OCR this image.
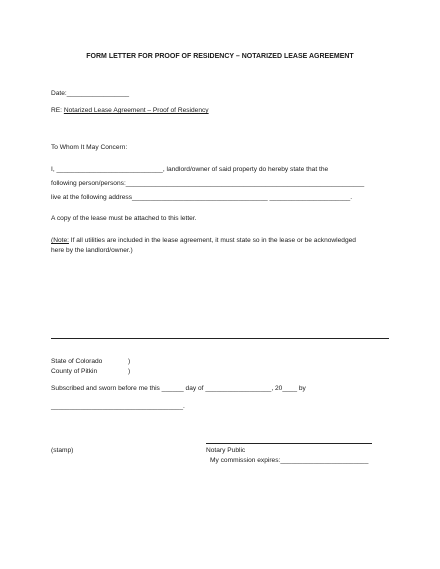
FORM LETTER FOR PROOF OF RESIDENCY – NOTARIZED LEASE AGREEMENT
Date:_________________
RE: Notarized Lease Agreement – Proof of Residency
To Whom It May Concern:
I, _____________________________, landlord/owner of said property do hereby state that the
following person/persons:_________________________________________________________________
live at the following address_____________________________________ ______________________.
A copy of the lease must be attached to this letter.
(Note: If all utilities are included in the lease agreement, it must state so in the lease or be acknowledged
here by the landlord/owner.)
State of Colorado	)
County of Pitkin	)
Subscribed and sworn before me this ______ day of __________________, 20____ by
____________________________________.
(stamp)	Notary Public
My commission expires:________________________
